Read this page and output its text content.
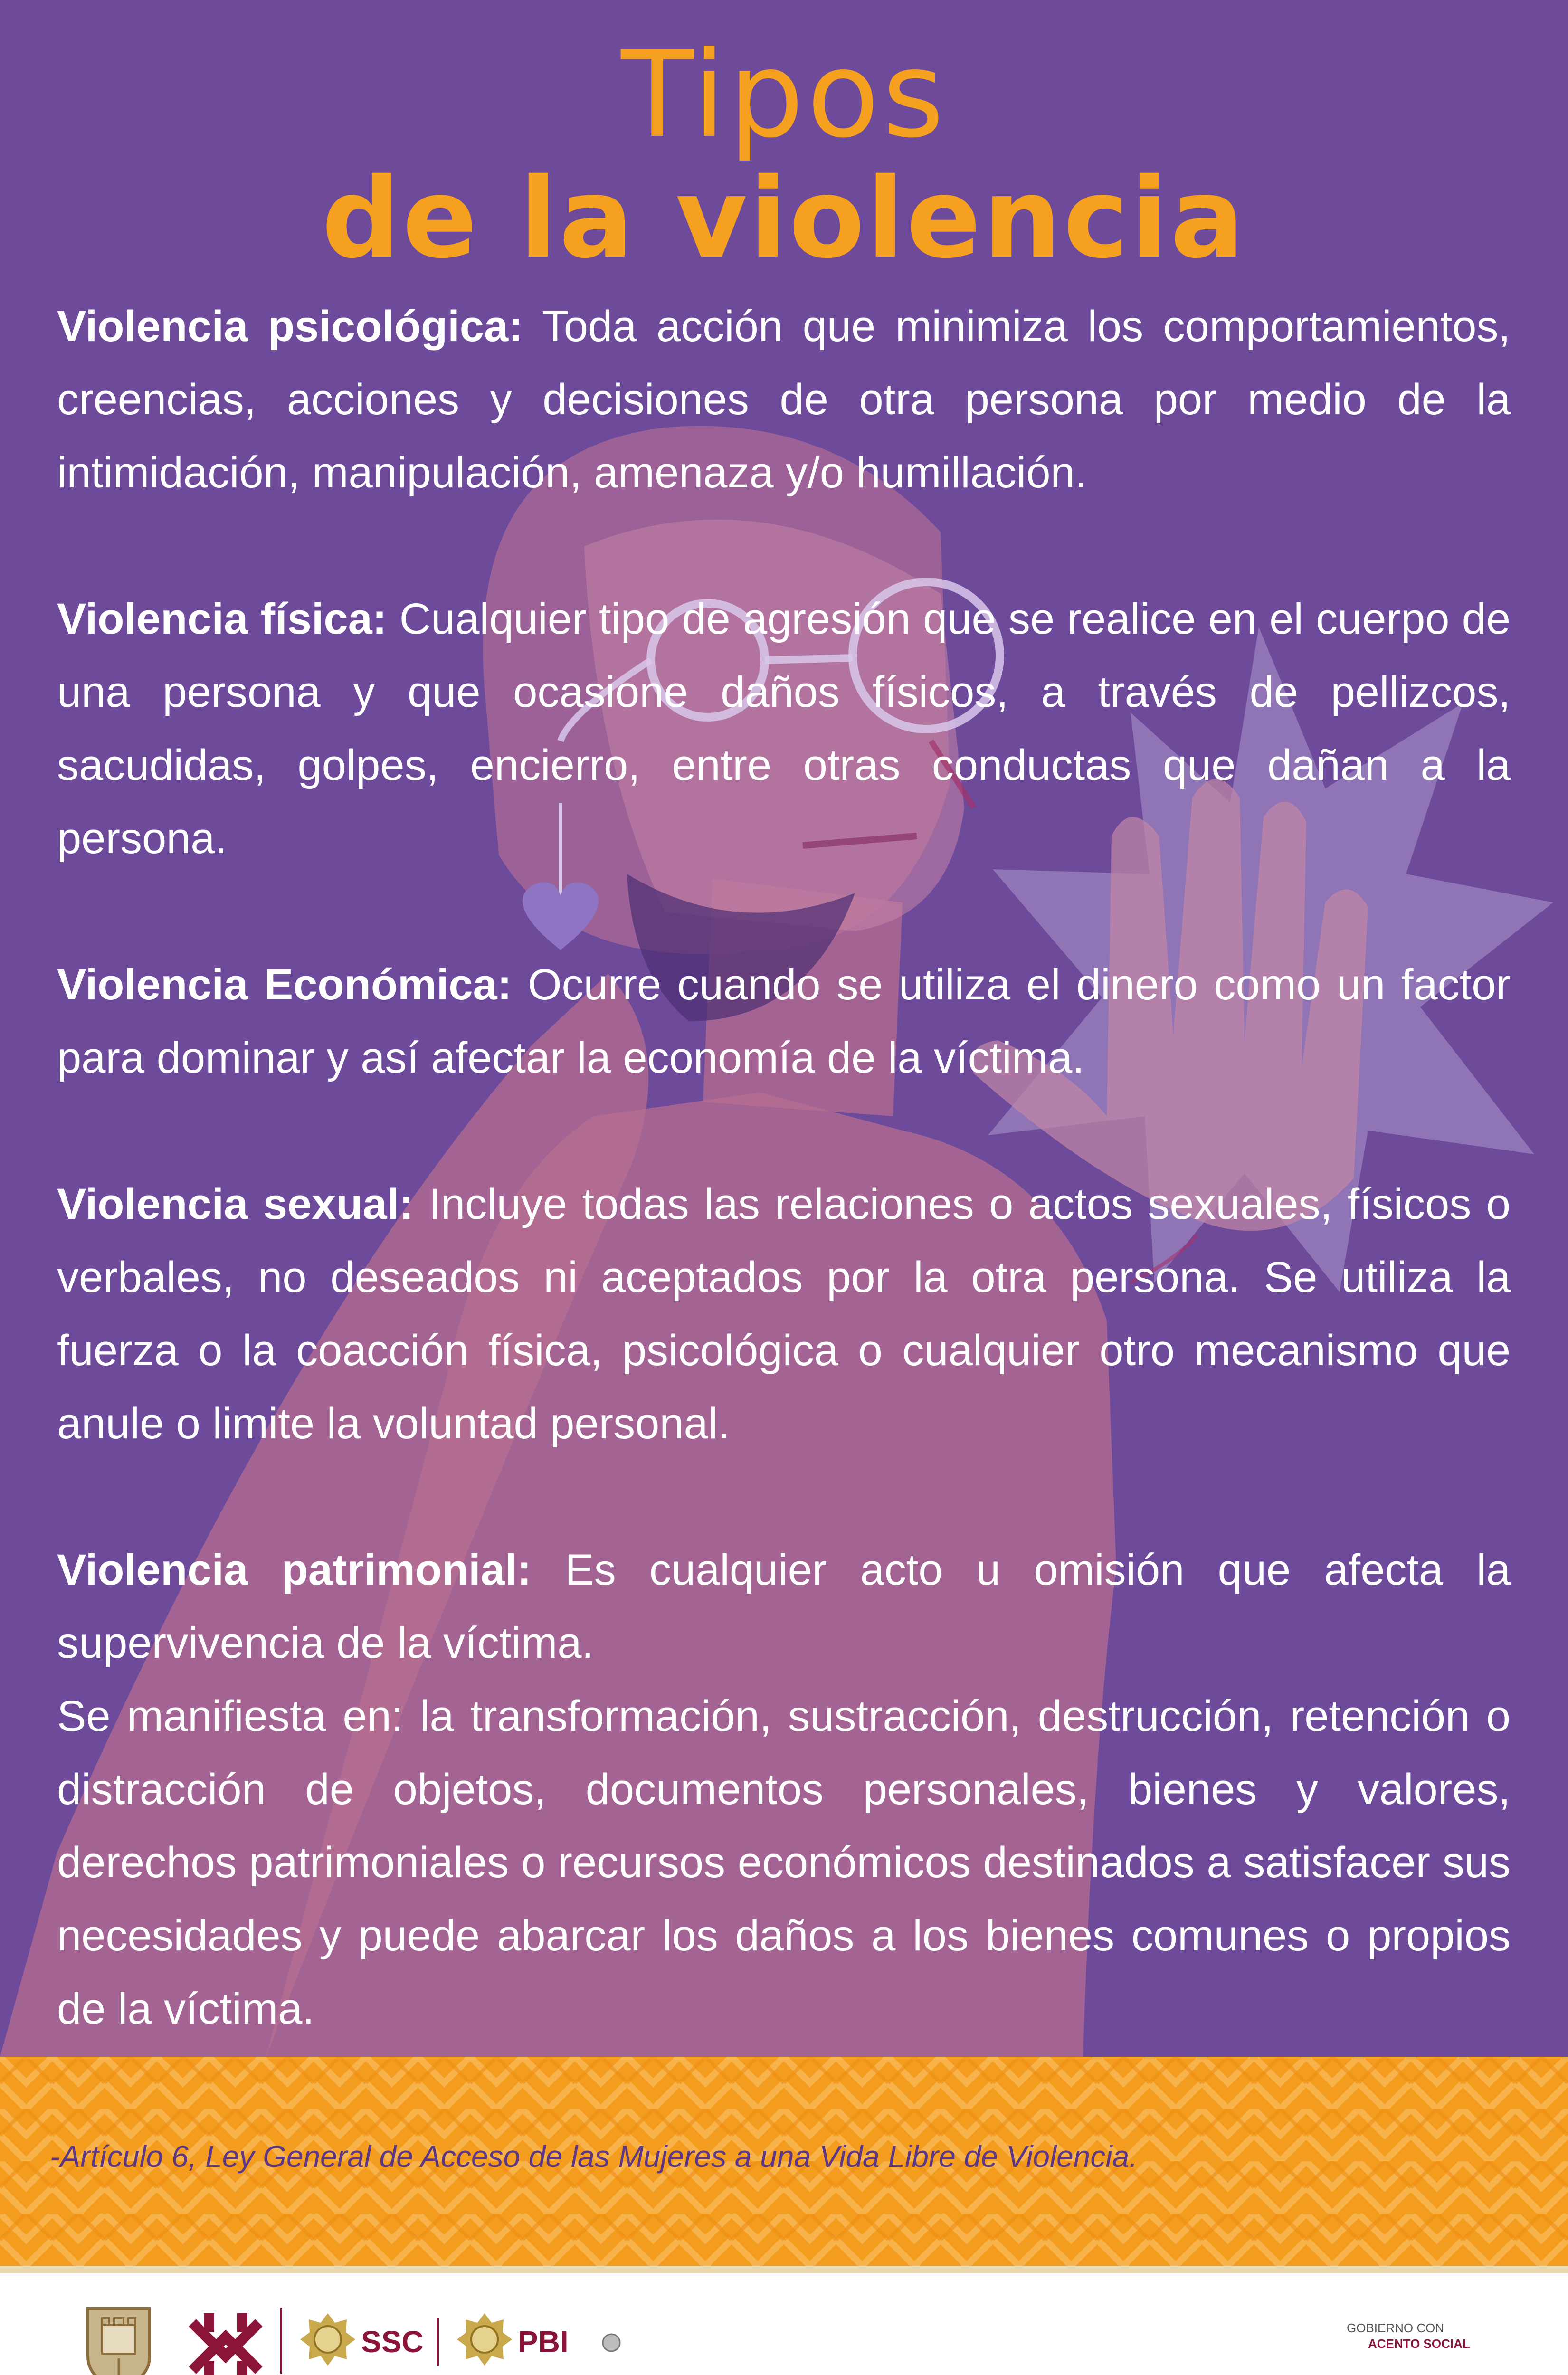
Tipos
de la violencia

Violencia psicológica: Toda acción que minimiza los comportamientos, creencias, acciones y decisiones de otra persona por medio de la intimidación, manipulación, amenaza y/o humillación.

Violencia física: Cualquier tipo de agresión que se realice en el cuerpo de una persona y que ocasione daños físicos, a través de pellizcos, sacudidas, golpes, encierro, entre otras conductas que dañan a la persona.

Violencia Económica: Ocurre cuando se utiliza el dinero como un factor para dominar y así afectar la economía de la víctima.

Violencia sexual: Incluye todas las relaciones o actos sexuales, físicos o verbales, no deseados ni aceptados por la otra persona. Se utiliza la fuerza o la coacción física, psicológica o cualquier otro mecanismo que anule o limite la voluntad personal.

Violencia patrimonial: Es cualquier acto u omisión que afecta la supervivencia de la víctima.

Se manifiesta en: la transformación, sustracción, destrucción, retención o distracción de objetos, documentos personales, bienes y valores, derechos patrimoniales o recursos económicos destinados a satisfacer sus necesidades y puede abarcar los daños a los bienes comunes o propios de la víctima.

-Artículo 6, Ley General de Acceso de las Mujeres a una Vida Libre de Violencia.
SSC	PBI	GOBIERNO CON
ACENTO SOCIAL
